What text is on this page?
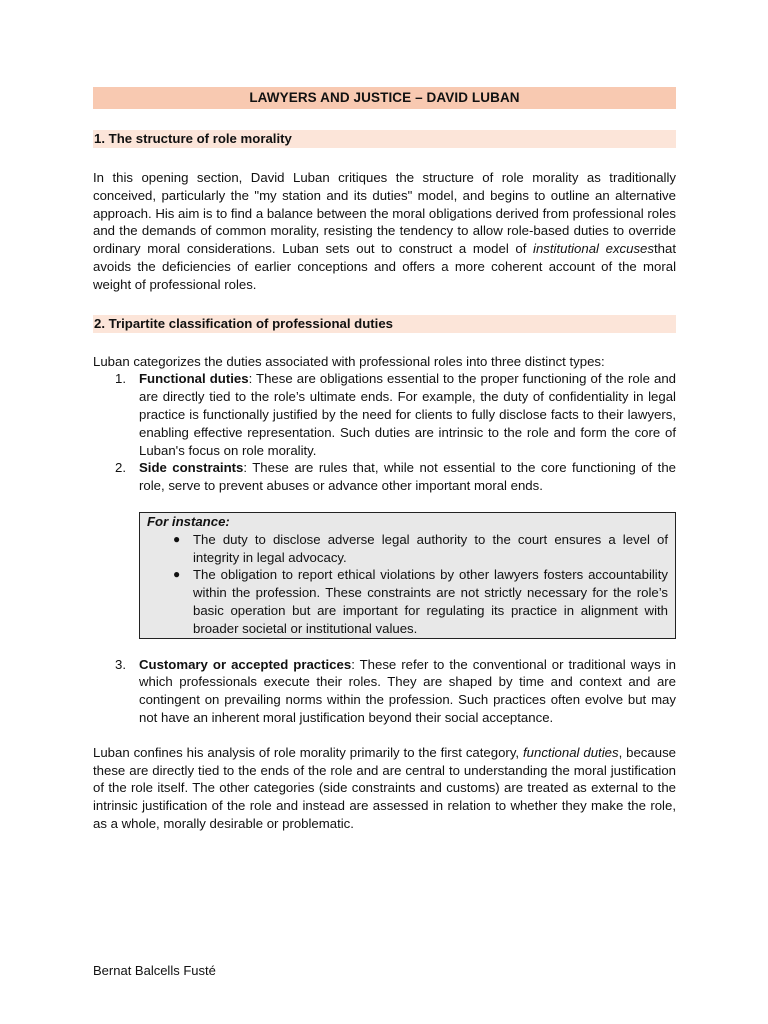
LAWYERS AND JUSTICE – DAVID LUBAN
1. The structure of role morality

In this opening section, David Luban critiques the structure of role morality as traditionally conceived, particularly the "my station and its duties" model, and begins to outline an alternative approach. His aim is to find a balance between the moral obligations derived from professional roles and the demands of common morality, resisting the tendency to allow role-based duties to override ordinary moral considerations. Luban sets out to construct a model of institutional excusesthat avoids the deficiencies of earlier conceptions and offers a more coherent account of the moral weight of professional roles.

2. Tripartite classification of professional duties

Luban categorizes the duties associated with professional roles into three distinct types:

1. Functional duties: These are obligations essential to the proper functioning of the role and are directly tied to the role’s ultimate ends. For example, the duty of confidentiality in legal practice is functionally justified by the need for clients to fully disclose facts to their lawyers, enabling effective representation. Such duties are intrinsic to the role and form the core of Luban's focus on role morality.
2. Side constraints: These are rules that, while not essential to the core functioning of the role, serve to prevent abuses or advance other important moral ends.
For instance:
● The duty to disclose adverse legal authority to the court ensures a level of integrity in legal advocacy.
● The obligation to report ethical violations by other lawyers fosters accountability within the profession. These constraints are not strictly necessary for the role’s basic operation but are important for regulating its practice in alignment with broader societal or institutional values.
3. Customary or accepted practices: These refer to the conventional or traditional ways in which professionals execute their roles. They are shaped by time and context and are contingent on prevailing norms within the profession. Such practices often evolve but may not have an inherent moral justification beyond their social acceptance.

Luban confines his analysis of role morality primarily to the first category, functional duties, because these are directly tied to the ends of the role and are central to understanding the moral justification of the role itself. The other categories (side constraints and customs) are treated as external to the intrinsic justification of the role and instead are assessed in relation to whether they make the role, as a whole, morally desirable or problematic.

Bernat Balcells Fusté
